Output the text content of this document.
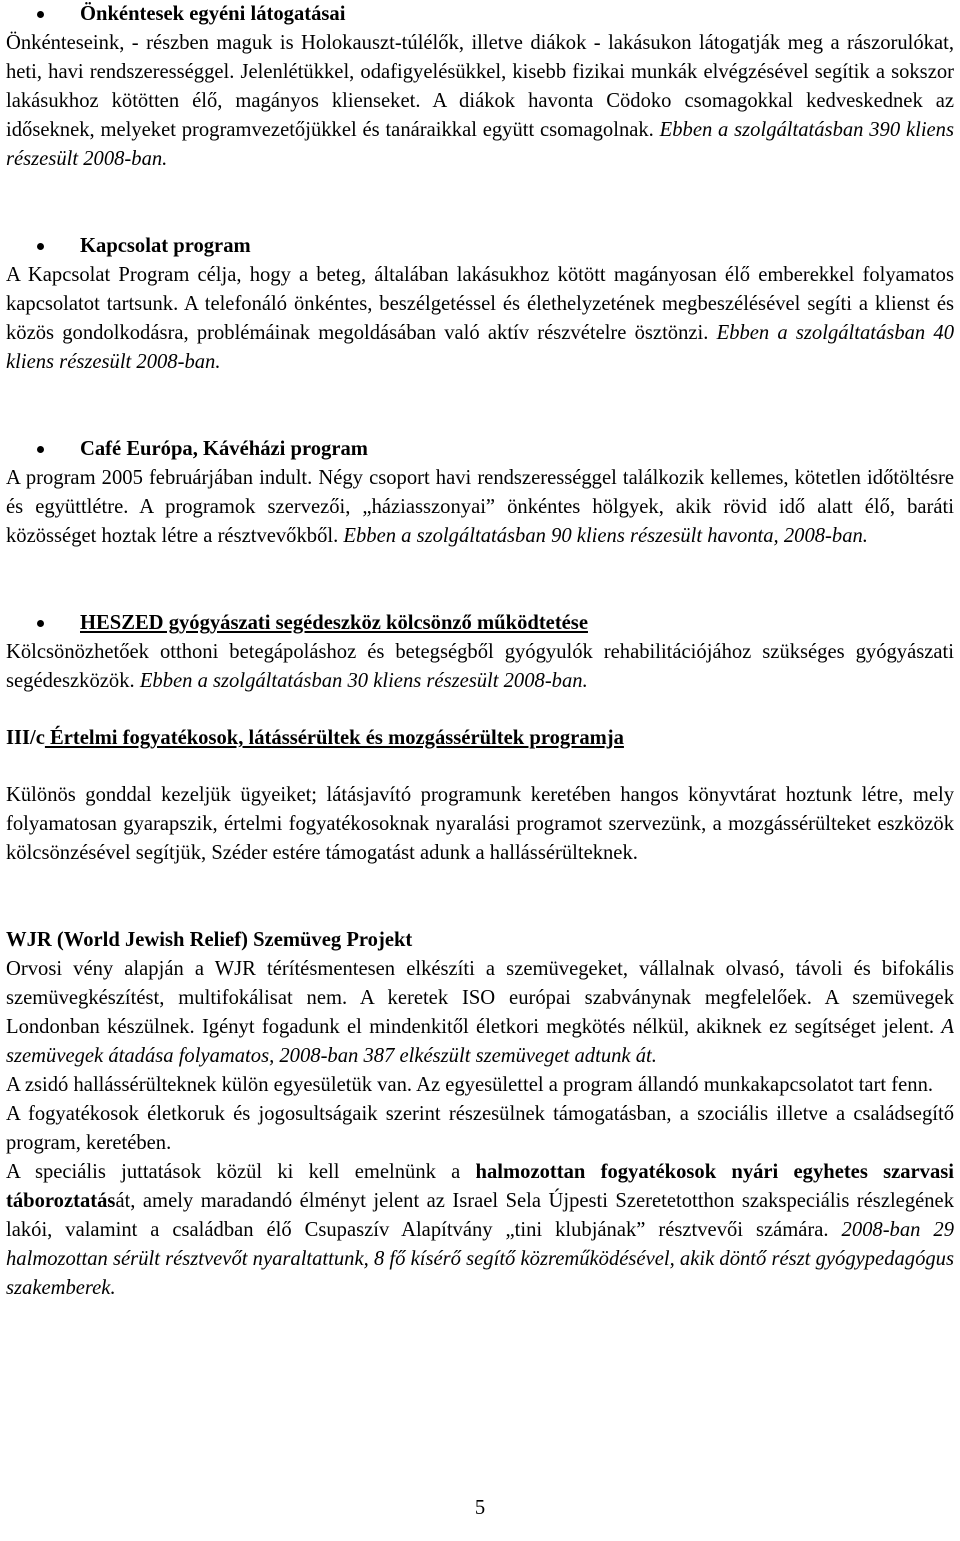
Önkéntesek egyéni látogatásai

Önkénteseink, - részben maguk is Holokauszt-túlélők, illetve diákok - lakásukon látogatják meg a rászorulókat, heti, havi rendszerességgel. Jelenlétükkel, odafigyelésükkel, kisebb fizikai munkák elvégzésével segítik a sokszor lakásukhoz kötötten élő, magányos klienseket. A diákok havonta Cödoko csomagokkal kedveskednek az időseknek, melyeket programvezetőjükkel és tanáraikkal együtt csomagolnak. Ebben a szolgáltatásban 390 kliens részesült 2008-ban.

Kapcsolat program

A Kapcsolat Program célja, hogy a beteg, általában lakásukhoz kötött magányosan élő emberekkel folyamatos kapcsolatot tartsunk. A telefonáló önkéntes, beszélgetéssel és élethelyzetének megbeszélésével segíti a klienst és közös gondolkodásra, problémáinak megoldásában való aktív részvételre ösztönzi. Ebben a szolgáltatásban 40 kliens részesült 2008-ban.

Café Európa, Kávéházi program

A program 2005 februárjában indult. Négy csoport havi rendszerességgel találkozik kellemes, kötetlen időtöltésre és együttlétre. A programok szervezői, „háziasszonyai” önkéntes hölgyek, akik rövid idő alatt élő, baráti közösséget hoztak létre a résztvevőkből. Ebben a szolgáltatásban 90 kliens részesült havonta, 2008-ban.

HESZED gyógyászati segédeszköz kölcsönző működtetése

Kölcsönözhetőek otthoni betegápoláshoz és betegségből gyógyulók rehabilitációjához szükséges gyógyászati segédeszközök. Ebben a szolgáltatásban 30 kliens részesült 2008-ban.

III/c Értelmi fogyatékosok, látássérültek és mozgássérültek programja

Különös gonddal kezeljük ügyeiket; látásjavító programunk keretében hangos könyvtárat hoztunk létre, mely folyamatosan gyarapszik, értelmi fogyatékosoknak nyaralási programot szervezünk, a mozgássérülteket eszközök kölcsönzésével segítjük, Széder estére támogatást adunk a hallássérülteknek.

WJR (World Jewish Relief) Szemüveg Projekt

Orvosi vény alapján a WJR térítésmentesen elkészíti a szemüvegeket, vállalnak olvasó, távoli és bifokális szemüvegkészítést, multifokálisat nem. A keretek ISO európai szabványnak megfelelőek. A szemüvegek Londonban készülnek. Igényt fogadunk el mindenkitől életkori megkötés nélkül, akiknek ez segítséget jelent. A szemüvegek átadása folyamatos, 2008-ban 387 elkészült szemüveget adtunk át.

A zsidó hallássérülteknek külön egyesületük van. Az egyesülettel a program állandó munkakapcsolatot tart fenn.

A fogyatékosok életkoruk és jogosultságaik szerint részesülnek támogatásban, a szociális illetve a családsegítő program, keretében.

A speciális juttatások közül ki kell emelnünk a halmozottan fogyatékosok nyári egyhetes szarvasi táboroztatását, amely maradandó élményt jelent az Israel Sela Újpesti Szeretetotthon szakspeciális részlegének lakói, valamint a családban élő Csupaszív Alapítvány „tini klubjának” résztvevői számára. 2008-ban 29 halmozottan sérült résztvevőt nyaraltattunk, 8 fő kísérő segítő közreműködésével, akik döntő részt gyógypedagógus szakemberek.

5
